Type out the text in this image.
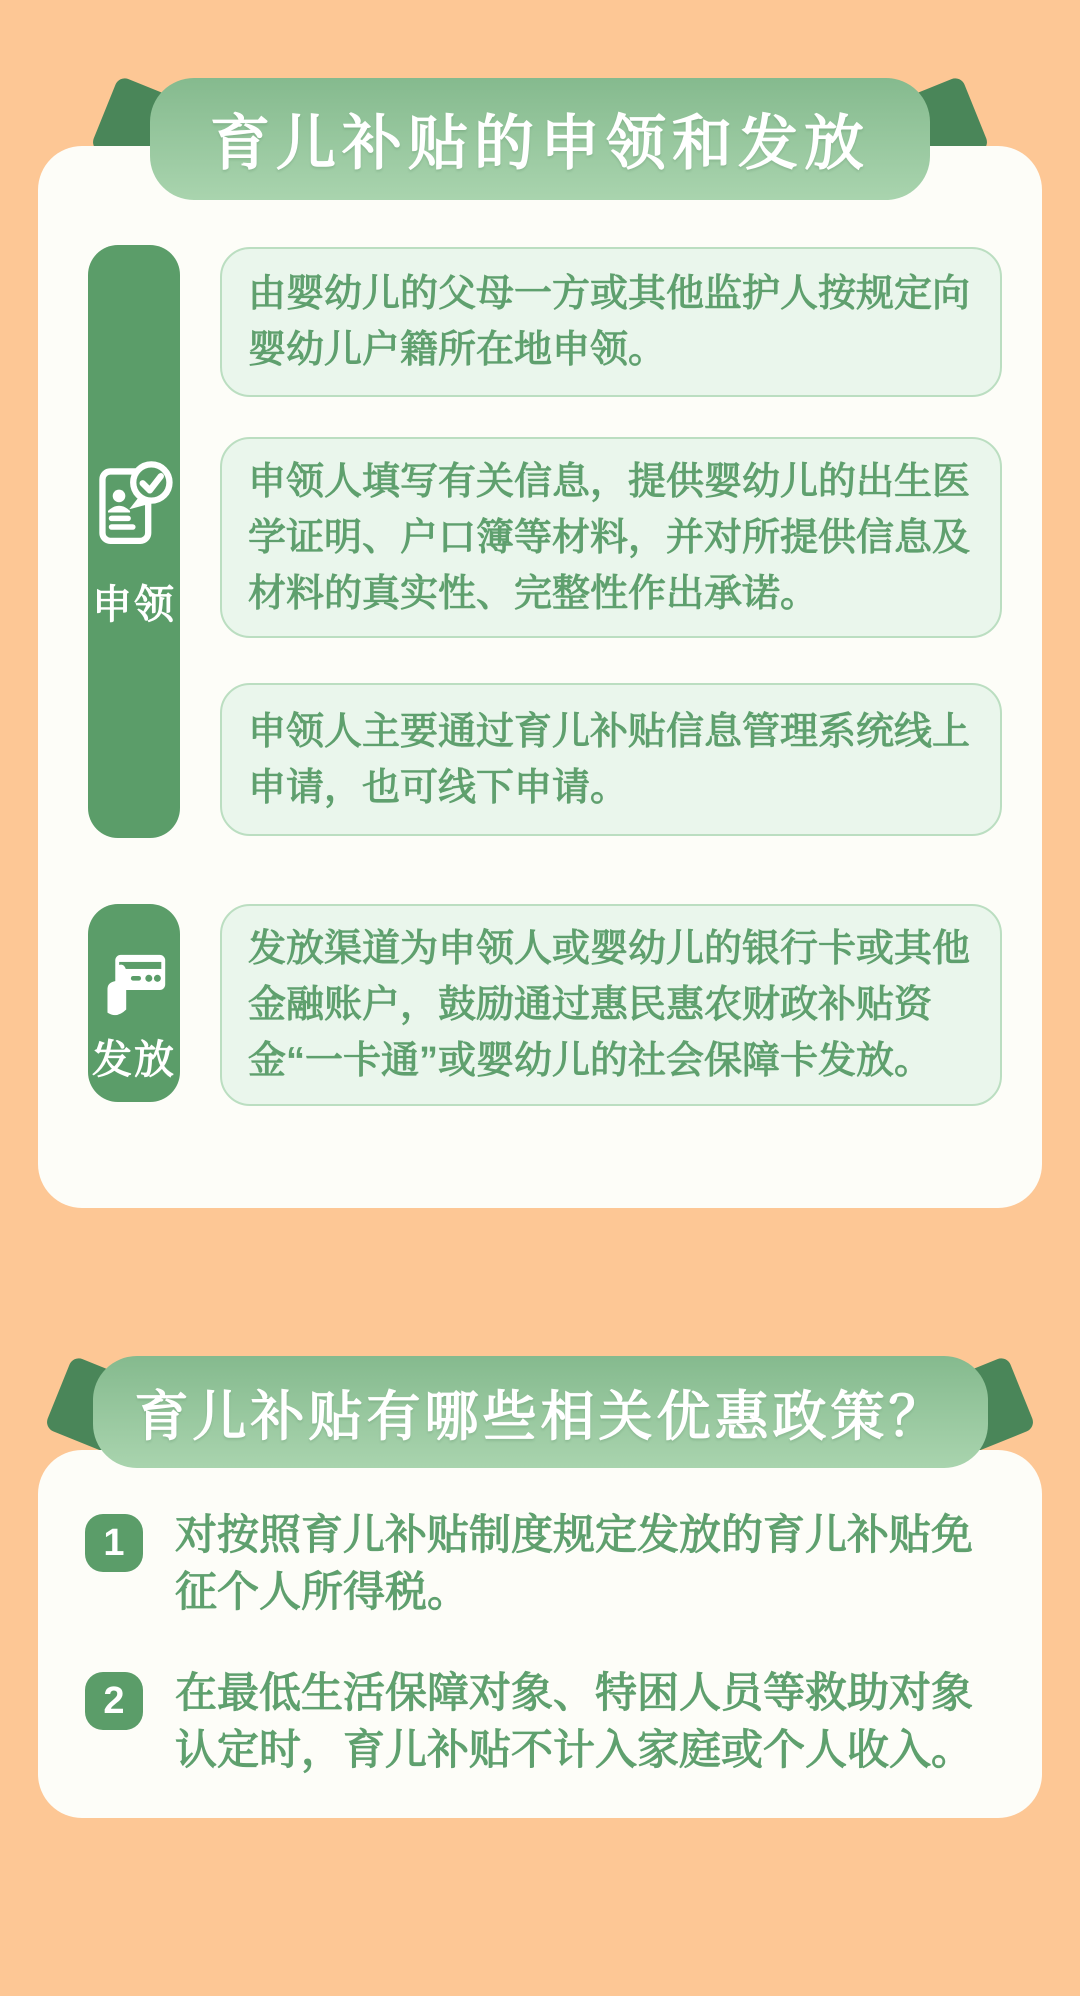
申领
由婴幼儿的父母一方或其他监护人按规定向婴幼儿户籍所在地申领。
申领人填写有关信息，提供婴幼儿的出生医学证明、户口簿等材料，并对所提供信息及材料的真实性、完整性作出承诺。
申领人主要通过育儿补贴信息管理系统线上申请，也可线下申请。
发放
发放渠道为申领人或婴幼儿的银行卡或其他金融账户，鼓励通过惠民惠农财政补贴资金“一卡通”或婴幼儿的社会保障卡发放。
育儿补贴的申领和发放
1 对按照育儿补贴制度规定发放的育儿补贴免征个人所得税。
2 在最低生活保障对象、特困人员等救助对象认定时，育儿补贴不计入家庭或个人收入。
育儿补贴有哪些相关优惠政策？
